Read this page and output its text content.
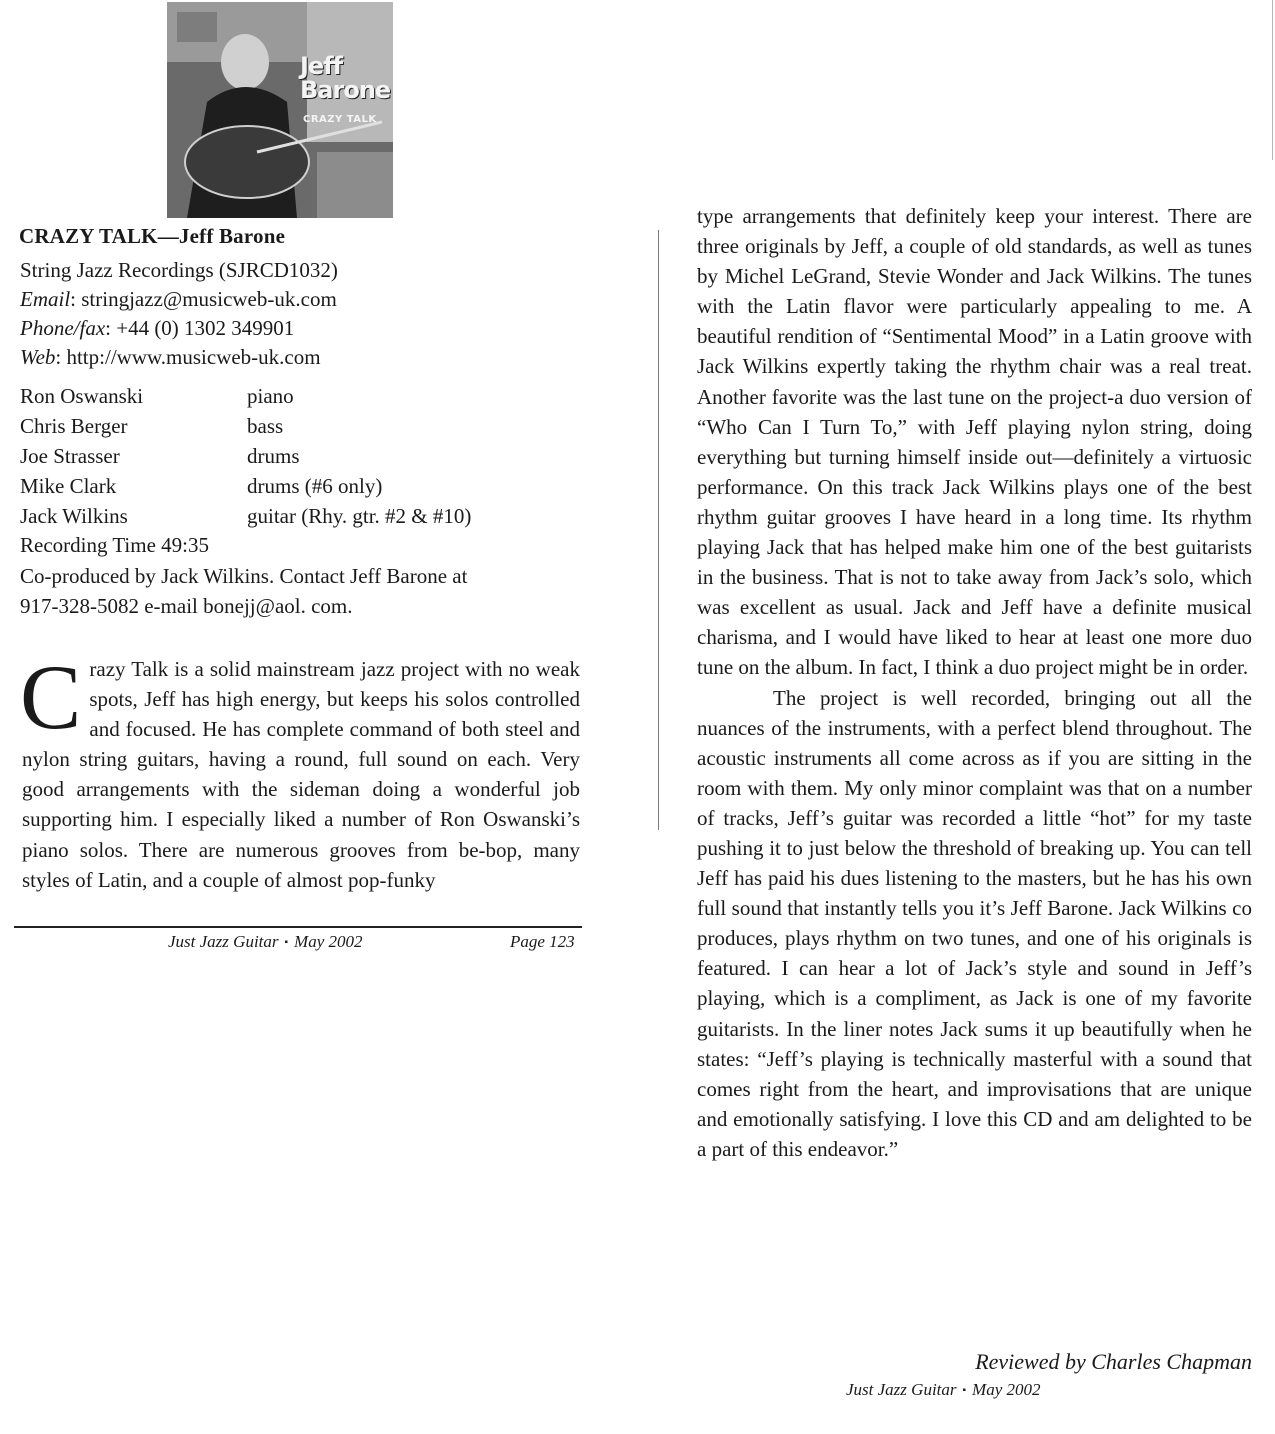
Jeff
Barone
CRAZY TALK
CRAZY TALK—Jeff Barone
String Jazz Recordings (SJRCD1032)
Email: stringjazz@musicweb-uk.com
Phone/fax: +44 (0) 1302 349901
Web: http://www.musicweb-uk.com
Ron Oswanski	piano
Chris Berger	bass
Joe Strasser	drums
Mike Clark	drums (#6 only)
Jack Wilkins	guitar (Rhy. gtr. #2 & #10)
Recording Time 49:35
Co-produced by Jack Wilkins. Contact Jeff Barone at
917-328-5082 e-mail bonejj@aol. com.
Crazy Talk is a solid mainstream jazz project with no weak spots, Jeff has high energy, but keeps his solos controlled and focused. He has complete command of both steel and nylon string guitars, having a round, full sound on each. Very good arrangements with the sideman doing a wonderful job supporting him. I especially liked a number of Ron Oswanski’s piano solos. There are numerous grooves from be-bop, many styles of Latin, and a couple of almost pop-funky
Just Jazz Guitar ▪ May 2002	Page 123

type arrangements that definitely keep your interest. There are three originals by Jeff, a couple of old standards, as well as tunes by Michel LeGrand, Stevie Wonder and Jack Wilkins. The tunes with the Latin flavor were particularly appealing to me. A beautiful rendition of “Sentimental Mood” in a Latin groove with Jack Wilkins expertly taking the rhythm chair was a real treat. Another favorite was the last tune on the project-a duo version of “Who Can I Turn To,” with Jeff playing nylon string, doing everything but turning himself inside out—definitely a virtuosic performance. On this track Jack Wilkins plays one of the best rhythm guitar grooves I have heard in a long time. Its rhythm playing Jack that has helped make him one of the best guitarists in the business. That is not to take away from Jack’s solo, which was excellent as usual. Jack and Jeff have a definite musical charisma, and I would have liked to hear at least one more duo tune on the album. In fact, I think a duo project might be in order.

The project is well recorded, bringing out all the nuances of the instruments, with a perfect blend throughout. The acoustic instruments all come across as if you are sitting in the room with them. My only minor complaint was that on a number of tracks, Jeff’s guitar was recorded a little “hot” for my taste pushing it to just below the threshold of breaking up. You can tell Jeff has paid his dues listening to the masters, but he has his own full sound that instantly tells you it’s Jeff Barone. Jack Wilkins co produces, plays rhythm on two tunes, and one of his originals is featured. I can hear a lot of Jack’s style and sound in Jeff’s playing, which is a compliment, as Jack is one of my favorite guitarists. In the liner notes Jack sums it up beautifully when he states: “Jeff’s playing is technically masterful with a sound that comes right from the heart, and improvisations that are unique and emotionally satisfying. I love this CD and am delighted to be a part of this endeavor.”

Reviewed by Charles Chapman
Just Jazz Guitar ▪ May 2002
